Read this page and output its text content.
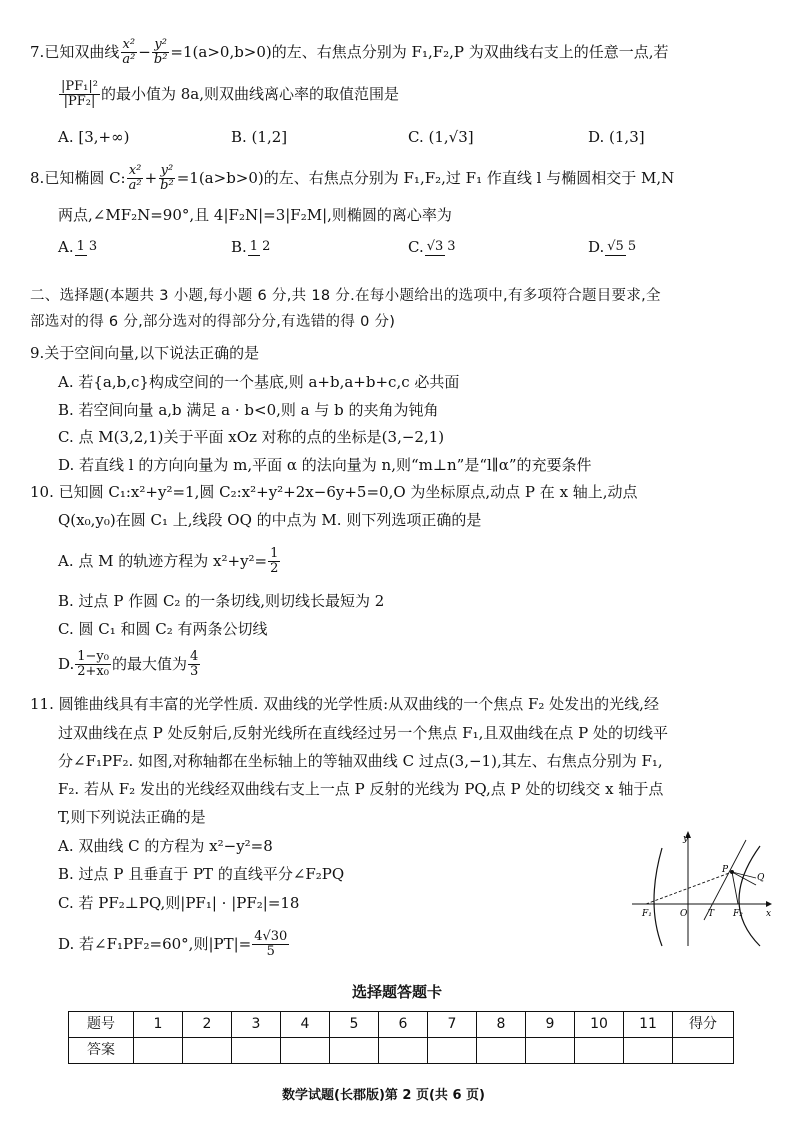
7.已知双曲线 $\frac{\text{x²}}{\text{a²}} - \frac{\text{y²}}{\text{b²}} =1(a>0,b>0)$的左、右焦点分别为 F₁,F₂,P 为双曲线右支上的任意一点,若
$\frac{\text{|PF₁|²}}{\text{|PF₂|}}$ 的最小值为 8a,则双曲线离心率的取值范围是
A. [3,+∞)	B. (1,2]	C. (1,√3]	D. (1,3]
8.已知椭圆 C: $\frac{\text{x²}}{\text{a²}} + \frac{\text{y²}}{\text{b²}} =1(a>b>0)$的左、右焦点分别为 F₁,F₂,过 F₁ 作直线 l 与椭圆相交于 M,N
两点,∠MF₂N=90°,且 4|F₂N|=3|F₂M|,则椭圆的离心率为
A. 1 3	B. 1 2	C. √3 3	D. √5 5
二、选择题(本题共 3 小题,每小题 6 分,共 18 分.在每小题给出的选项中,有多项符合题目要求,全
部选对的得 6 分,部分选对的得部分分,有选错的得 0 分)
9.关于空间向量,以下说法正确的是
A. 若{a,b,c}构成空间的一个基底,则 a+b,a+b+c,c 必共面
B. 若空间向量 a,b 满足 a · b<0,则 a 与 b 的夹角为钝角
C. 点 M(3,2,1)关于平面 xOz 对称的点的坐标是(3,−2,1)
D. 若直线 l 的方向向量为 m,平面 α 的法向量为 n,则“m⊥n”是“l∥α”的充要条件
10. 已知圆 C₁:x²+y²=1,圆 C₂:x²+y²+2x−6y+5=0,O 为坐标原点,动点 P 在 x 轴上,动点
Q(x₀,y₀)在圆 C₁ 上,线段 OQ 的中点为 M. 则下列选项正确的是
A. 点 M 的轨迹方程为 $x^2+y^2= \frac{1}{2}$
B. 过点 P 作圆 C₂ 的一条切线,则切线长最短为 2
C. 圆 C₁ 和圆 C₂ 有两条公切线
D. $\frac{\text{1−y₀}}{\text{2+x₀}}$ 的最大值为 $\frac{4}{3}$
11. 圆锥曲线具有丰富的光学性质. 双曲线的光学性质:从双曲线的一个焦点 F₂ 处发出的光线,经
过双曲线在点 P 处反射后,反射光线所在直线经过另一个焦点 F₁,且双曲线在点 P 处的切线平
分∠F₁PF₂. 如图,对称轴都在坐标轴上的等轴双曲线 C 过点(3,−1),其左、右焦点分别为 F₁,
F₂. 若从 F₂ 发出的光线经双曲线右支上一点 P 反射的光线为 PQ,点 P 处的切线交 x 轴于点
T,则下列说法正确的是
A. 双曲线 C 的方程为 x²−y²=8
B. 过点 P 且垂直于 PT 的直线平分∠F₂PQ
C. 若 PF₂⊥PQ,则|PF₁| · |PF₂|=18
D. 若∠F₁PF₂=60°,则$|PT|= \frac{4√30}{5}$
y
x
O
P
Q
T
F₁	F₂
选择题答题卡
题号	1	2	3	4	5	6	7	8	9	10	11	得分
答案												
数学试题(长郡版)第 2 页(共 6 页)
